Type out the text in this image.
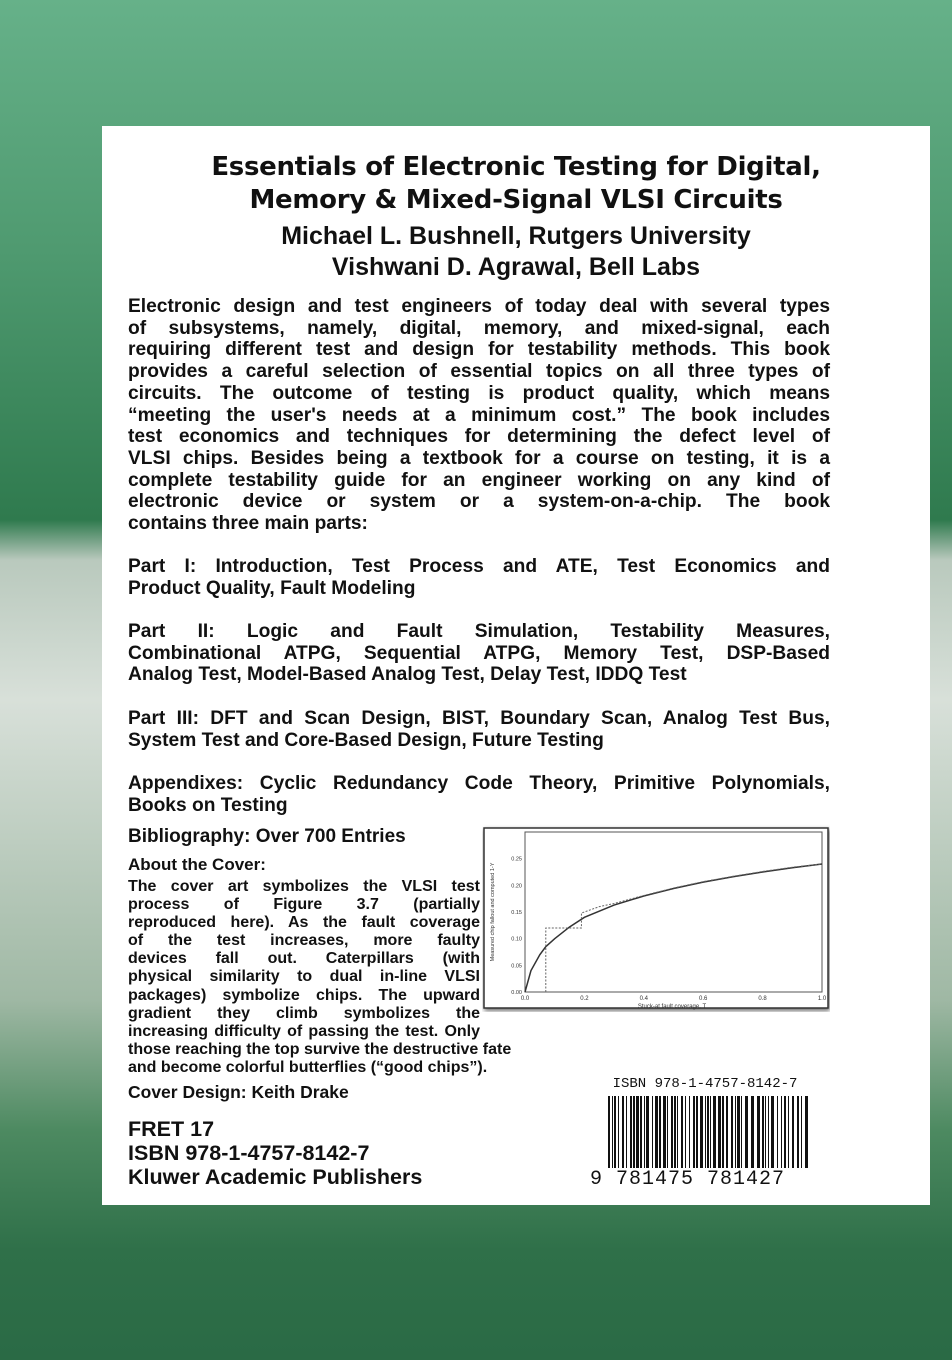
Essentials of Electronic Testing for Digital,
Memory & Mixed-Signal VLSI Circuits
Michael L. Bushnell, Rutgers University
Vishwani D. Agrawal, Bell Labs
Electronic design and test engineers of today deal with several types
of subsystems, namely, digital, memory, and mixed-signal, each
requiring different test and design for testability methods. This book
provides a careful selection of essential topics on all three types of
circuits. The outcome of testing is product quality, which means
“meeting the user's needs at a minimum cost.” The book includes
test economics and techniques for determining the defect level of
VLSI chips. Besides being a textbook for a course on testing, it is a
complete testability guide for an engineer working on any kind of
electronic device or system or a system-on-a-chip. The book
contains three main parts:
Part I: Introduction, Test Process and ATE, Test Economics and
Product Quality, Fault Modeling
Part II: Logic and Fault Simulation, Testability Measures,
Combinational ATPG, Sequential ATPG, Memory Test, DSP-Based
Analog Test, Model-Based Analog Test, Delay Test, IDDQ Test
Part III: DFT and Scan Design, BIST, Boundary Scan, Analog Test Bus,
System Test and Core-Based Design, Future Testing
Appendixes: Cyclic Redundancy Code Theory, Primitive Polynomials,
Books on Testing
Bibliography: Over 700 Entries
About the Cover:
The cover art symbolizes the VLSI test
process of Figure 3.7 (partially
reproduced here). As the fault coverage
of the test increases, more faulty
devices fall out. Caterpillars (with
physical similarity to dual in-line VLSI
packages) symbolize chips. The upward
gradient they climb symbolizes the
increasing difficulty of passing the test. Only
those reaching the top survive the destructive fate
and become colorful butterflies (“good chips”).
Cover Design: Keith Drake
FRET 17
ISBN 978-1-4757-8142-7
Kluwer Academic Publishers
0.0	0.2	0.4	0.6	0.8	1.0
0.00
0.05
0.10
0.15
0.20
0.25
Stuck-at fault coverage, T
Measured chip fallout and computed 1-Y
ISBN 978-1-4757-8142-7
9 781475 781427
